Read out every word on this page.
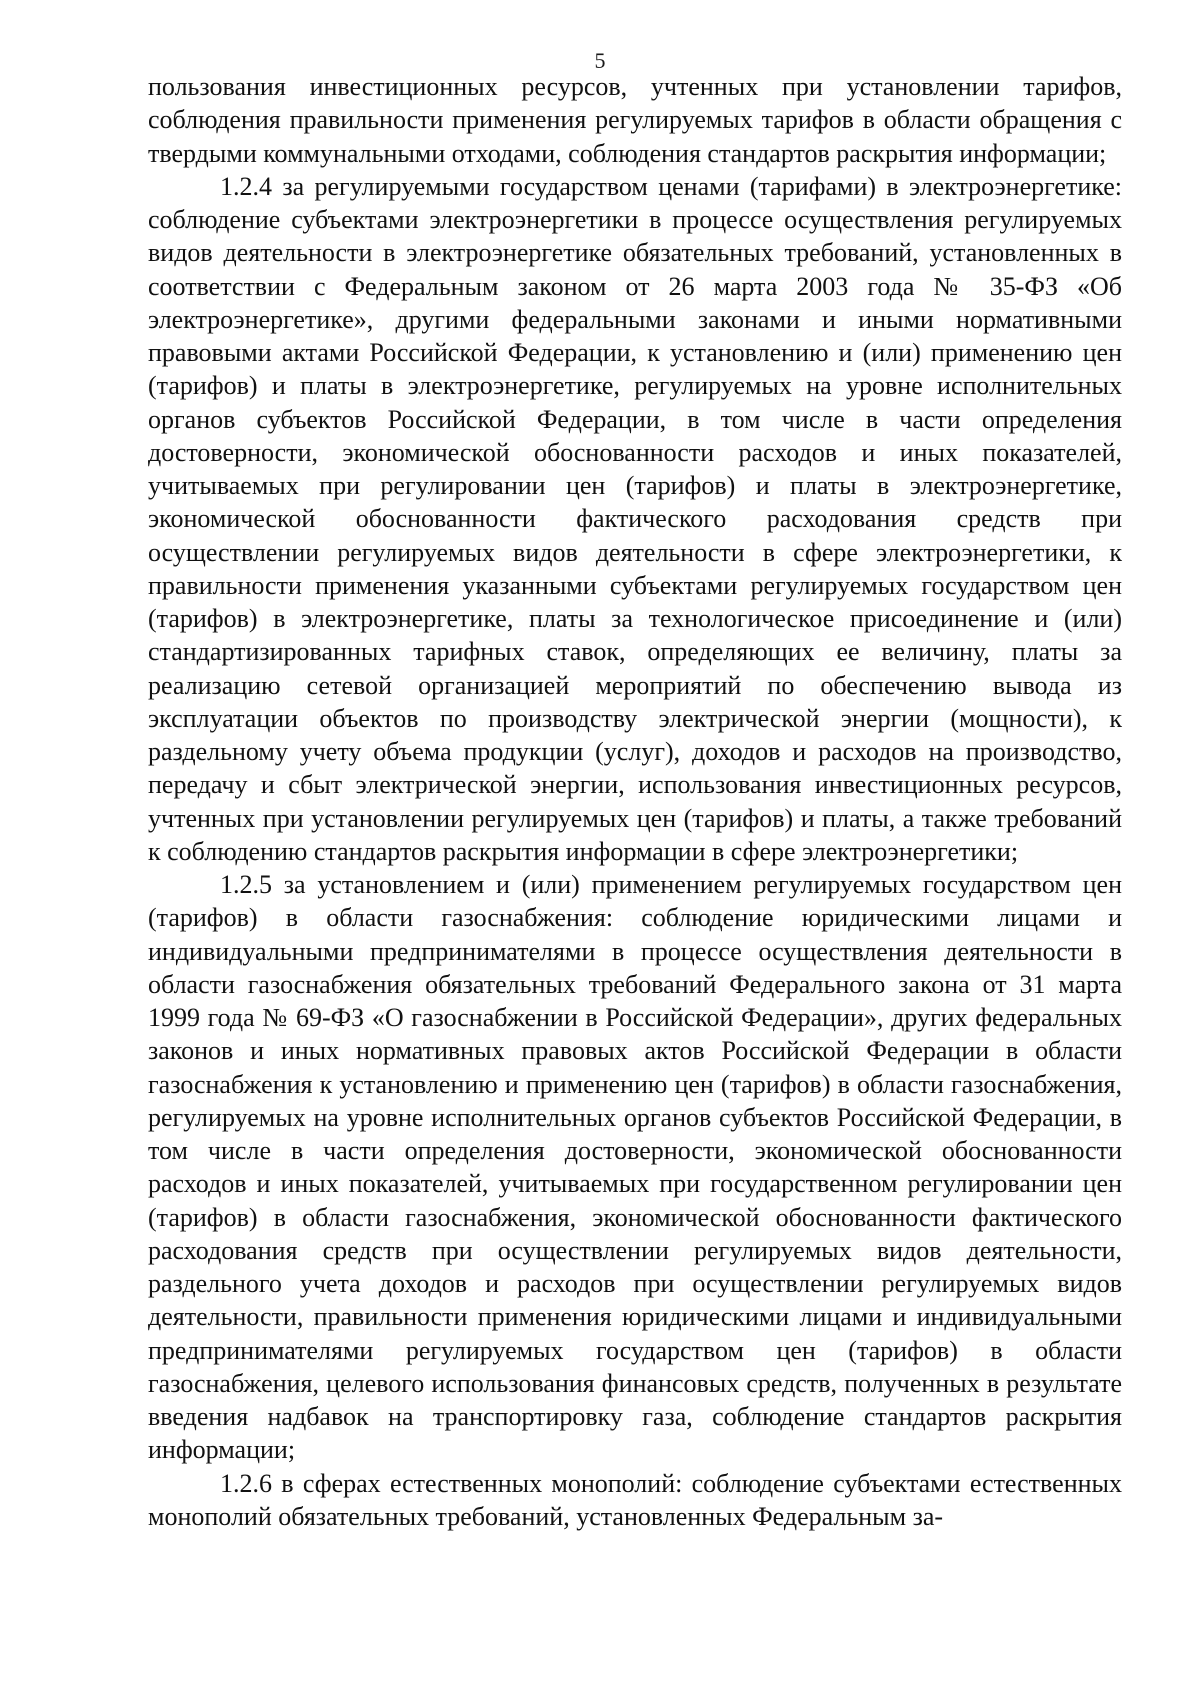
5

пользования инвестиционных ресурсов, учтенных при установлении тарифов, соблюдения правильности применения регулируемых тарифов в области обращения с твердыми коммунальными отходами, соблюдения стандартов раскрытия информации;

1.2.4 за регулируемыми государством ценами (тарифами) в электроэнергетике: соблюдение субъектами электроэнергетики в процессе осуществления регулируемых видов деятельности в электроэнергетике обязательных требований, установленных в соответствии с Федеральным законом от 26 марта 2003 года № 35-ФЗ «Об электроэнергетике», другими федеральными законами и иными нормативными правовыми актами Российской Федерации, к установлению и (или) применению цен (тарифов) и платы в электроэнергетике, регулируемых на уровне исполнительных органов субъектов Российской Федерации, в том числе в части определения достоверности, экономической обоснованности расходов и иных показателей, учитываемых при регулировании цен (тарифов) и платы в электроэнергетике, экономической обоснованности фактического расходования средств при осуществлении регулируемых видов деятельности в сфере электроэнергетики, к правильности применения указанными субъектами регулируемых государством цен (тарифов) в электроэнергетике, платы за технологическое присоединение и (или) стандартизированных тарифных ставок, определяющих ее величину, платы за реализацию сетевой организацией мероприятий по обеспечению вывода из эксплуатации объектов по производству электрической энергии (мощности), к раздельному учету объема продукции (услуг), доходов и расходов на производство, передачу и сбыт электрической энергии, использования инвестиционных ресурсов, учтенных при установлении регулируемых цен (тарифов) и платы, а также требований к соблюдению стандартов раскрытия информации в сфере электроэнергетики;

1.2.5 за установлением и (или) применением регулируемых государством цен (тарифов) в области газоснабжения: соблюдение юридическими лицами и индивидуальными предпринимателями в процессе осуществления деятельности в области газоснабжения обязательных требований Федерального закона от 31 марта 1999 года № 69-ФЗ «О газоснабжении в Российской Федерации», других федеральных законов и иных нормативных правовых актов Российской Федерации в области газоснабжения к установлению и применению цен (тарифов) в области газоснабжения, регулируемых на уровне исполнительных органов субъектов Российской Федерации, в том числе в части определения достоверности, экономической обоснованности расходов и иных показателей, учитываемых при государственном регулировании цен (тарифов) в области газоснабжения, экономической обоснованности фактического расходования средств при осуществлении регулируемых видов деятельности, раздельного учета доходов и расходов при осуществлении регулируемых видов деятельности, правильности применения юридическими лицами и индивидуальными предпринимателями регулируемых государством цен (тарифов) в области газоснабжения, целевого использования финансовых средств, полученных в результате введения надбавок на транспортировку газа, соблюдение стандартов раскрытия информации;

1.2.6 в сферах естественных монополий: соблюдение субъектами естественных монополий обязательных требований, установленных Федеральным за-
